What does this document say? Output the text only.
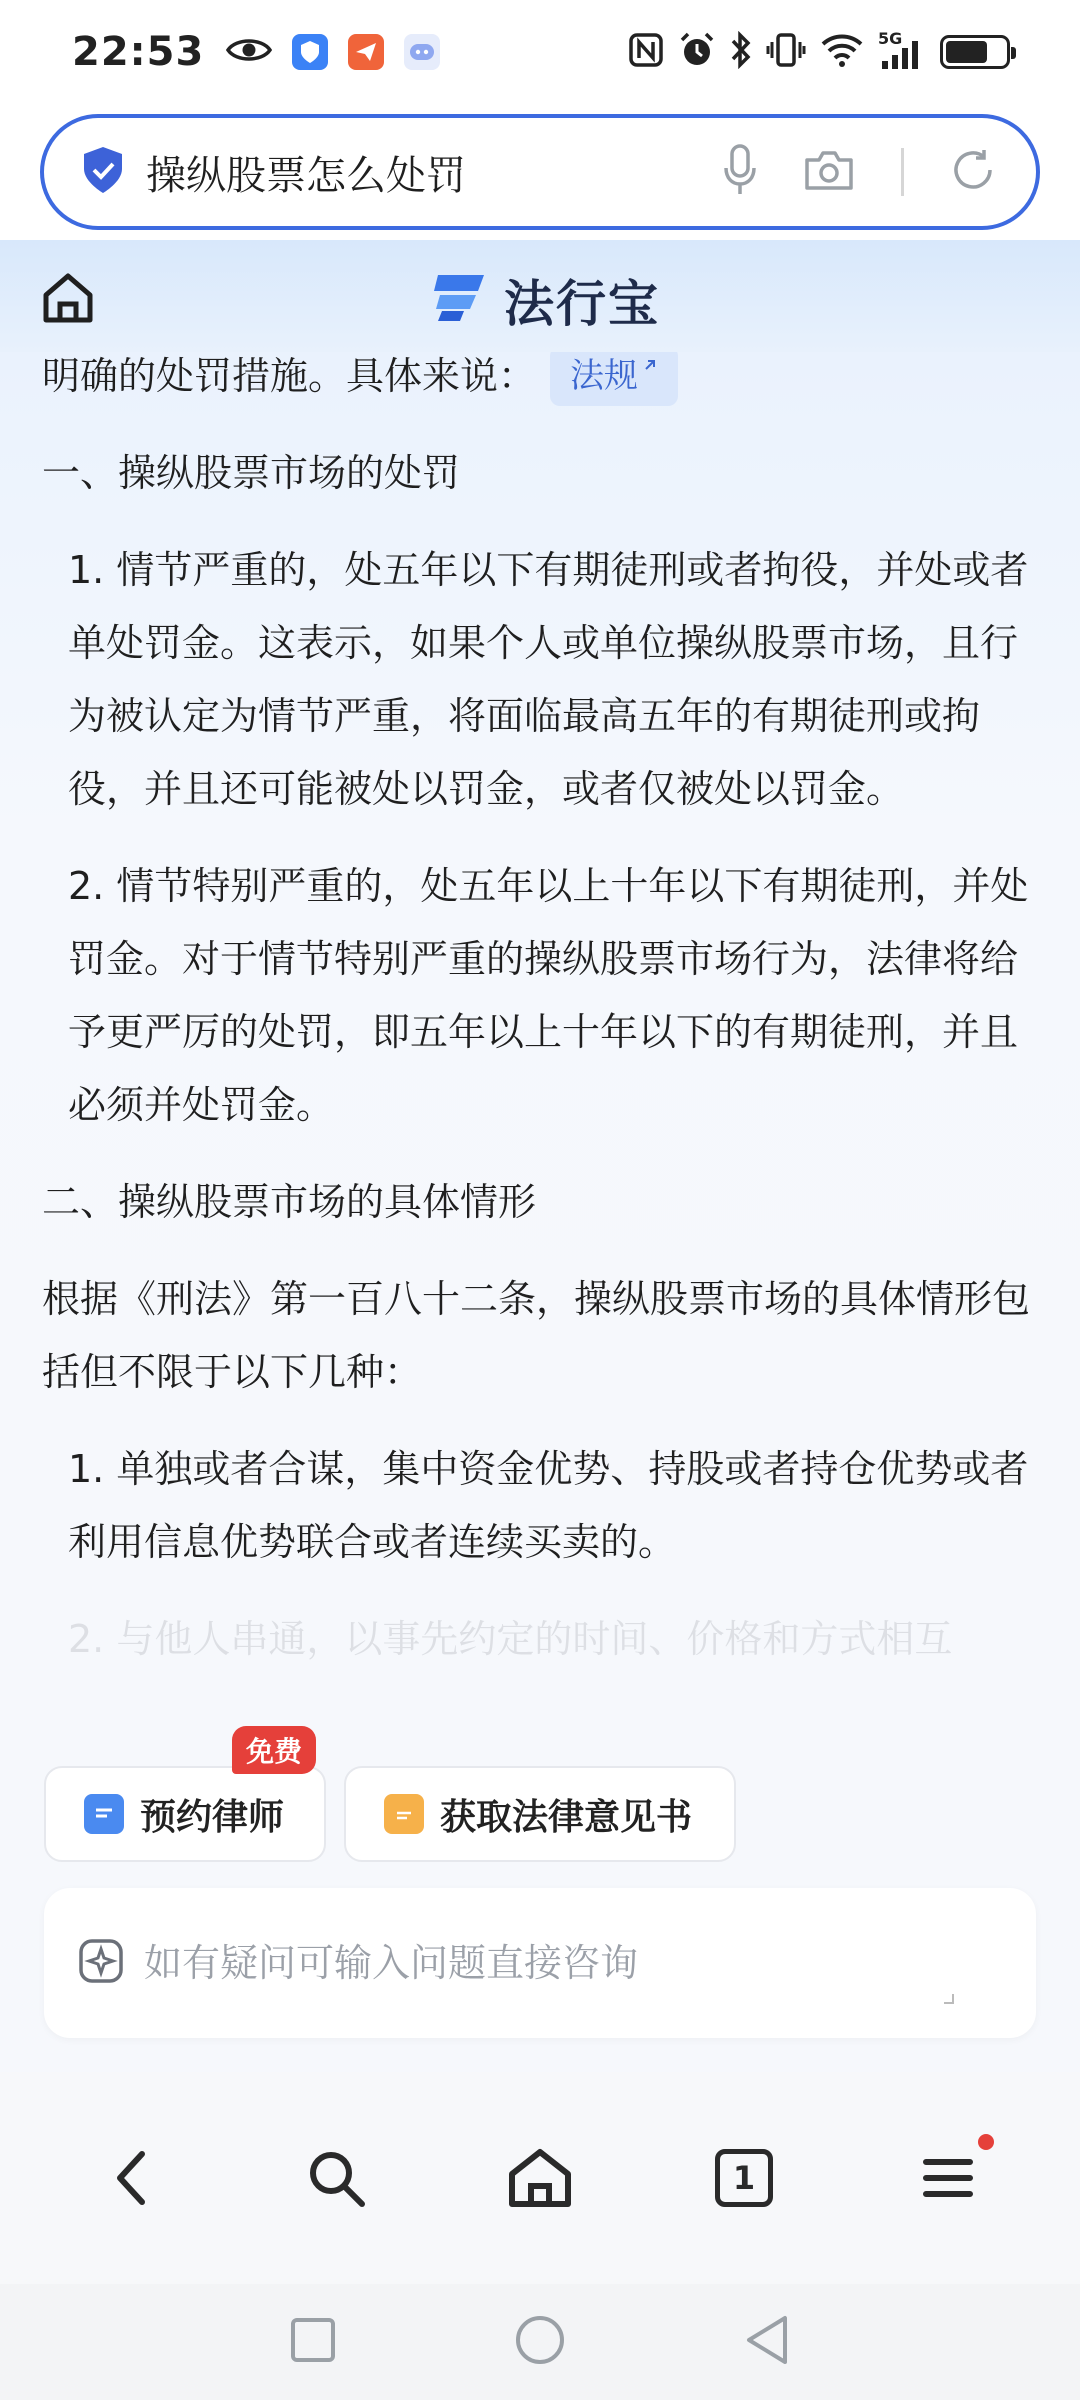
22:53	5G
操纵股票怎么处罚
法行宝
明确的处罚措施。具体来说： 法规
一、操纵股票市场的处罚
1. 情节严重的，处五年以下有期徒刑或者拘役，并处或者单处罚金。这表示，如果个人或单位操纵股票市场，且行为被认定为情节严重，将面临最高五年的有期徒刑或拘役，并且还可能被处以罚金，或者仅被处以罚金。
2. 情节特别严重的，处五年以上十年以下有期徒刑，并处罚金。对于情节特别严重的操纵股票市场行为，法律将给予更严厉的处罚，即五年以上十年以下的有期徒刑，并且必须并处罚金。
二、操纵股票市场的具体情形
根据《刑法》第一百八十二条，操纵股票市场的具体情形包括但不限于以下几种：
1. 单独或者合谋，集中资金优势、持股或者持仓优势或者利用信息优势联合或者连续买卖的。
2. 与他人串通，以事先约定的时间、价格和方式相互
预约律师
免费
获取法律意见书
如有疑问可输入问题直接咨询
1
